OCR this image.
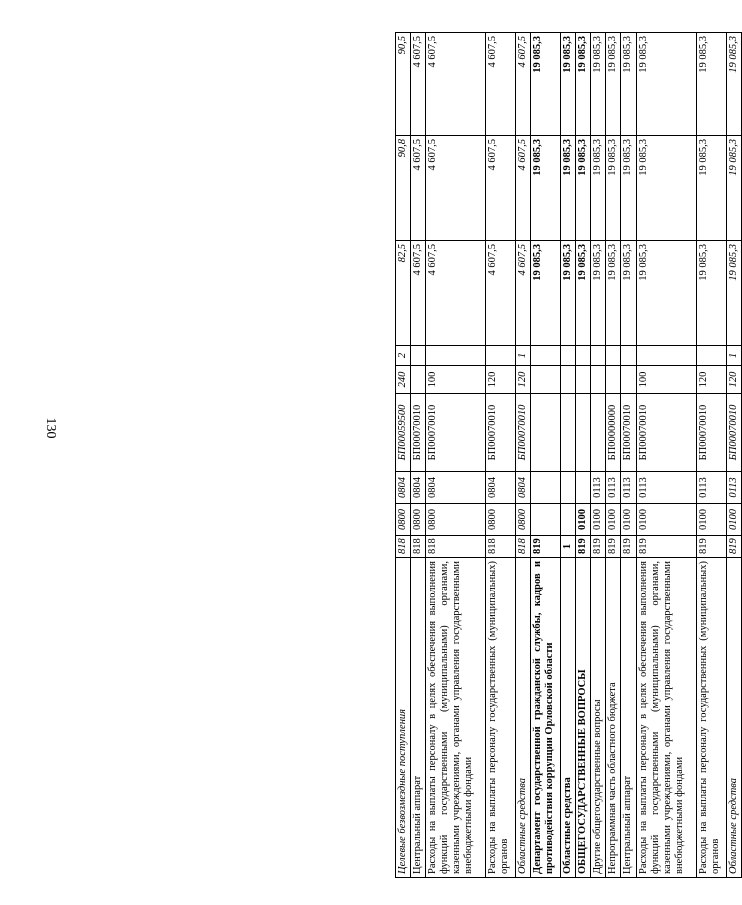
130
Целевые безвозмездные поступления	818	0800	0804	БП00059500	240	2	82,5	90,8	90,5
Центральный аппарат	818	0800	0804	БП00070010			4 607,5	4 607,5	4 607,5
Расходы на выплаты персоналу в целях обеспечения выполнения функций государственными (муниципальными) органами, казенными учреждениями, органами управления государственными внебюджетными фондами	818	0800	0804	БП00070010	100		4 607,5	4 607,5	4 607,5
Расходы на выплаты персоналу государственных (муниципальных) органов	818	0800	0804	БП00070010	120		4 607,5	4 607,5	4 607,5
Областные средства	818	0800	0804	БП00070010	120	1	4 607,5	4 607,5	4 607,5
Департамент государственной гражданской службы, кадров и противодействия коррупции Орловской области	819						19 085,3	19 085,3	19 085,3
Областные средства	1						19 085,3	19 085,3	19 085,3
ОБЩЕГОСУДАРСТВЕННЫЕ ВОПРОСЫ	819	0100					19 085,3	19 085,3	19 085,3
Другие общегосударственные вопросы	819	0100	0113				19 085,3	19 085,3	19 085,3
Непрограммная часть областного бюджета	819	0100	0113	БП00000000			19 085,3	19 085,3	19 085,3
Центральный аппарат	819	0100	0113	БП00070010			19 085,3	19 085,3	19 085,3
Расходы на выплаты персоналу в целях обеспечения выполнения функций государственными (муниципальными) органами, казенными учреждениями, органами управления государственными внебюджетными фондами	819	0100	0113	БП00070010	100		19 085,3	19 085,3	19 085,3
Расходы на выплаты персоналу государственных (муниципальных) органов	819	0100	0113	БП00070010	120		19 085,3	19 085,3	19 085,3
Областные средства	819	0100	0113	БП00070010	120	1	19 085,3	19 085,3	19 085,3
